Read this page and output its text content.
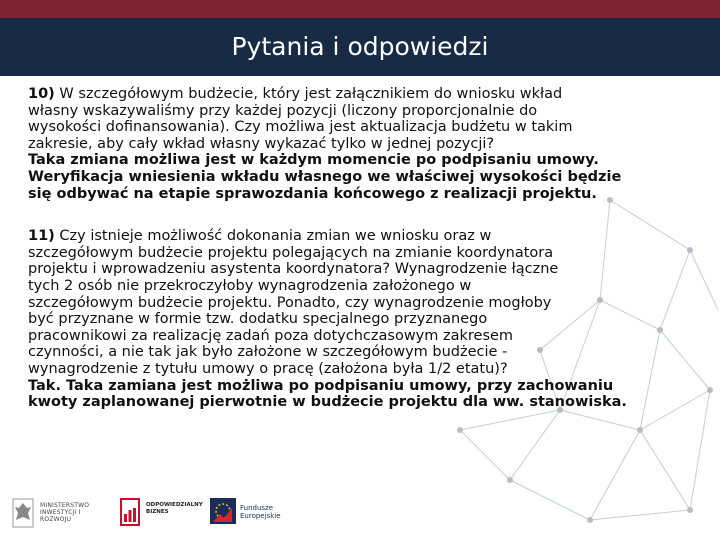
Pytania i odpowiedzi

10) W szczegółowym budżecie, który jest załącznikiem do wniosku wkład
własny wskazywaliśmy przy każdej pozycji (liczony proporcjonalnie do
wysokości dofinansowania). Czy możliwa jest aktualizacja budżetu w takim
zakresie, aby cały wkład własny wykazać tylko w jednej pozycji?

Taka zmiana możliwa jest w każdym momencie po podpisaniu umowy.
Weryfikacja wniesienia wkładu własnego we właściwej wysokości będzie
się odbywać na etapie sprawozdania końcowego z realizacji projektu.

11) Czy istnieje możliwość dokonania zmian we wniosku oraz w
szczegółowym budżecie projektu polegających na zmianie koordynatora
projektu i wprowadzeniu asystenta koordynatora? Wynagrodzenie łączne
tych 2 osób nie przekroczyłoby wynagrodzenia założonego w
szczegółowym budżecie projektu. Ponadto, czy wynagrodzenie mogłoby
być przyznane w formie tzw. dodatku specjalnego przyznanego
pracownikowi za realizację zadań poza dotychczasowym zakresem
czynności, a nie tak jak było założone w szczegółowym budżecie -
wynagrodzenie z tytułu umowy o pracę (założona była 1/2 etatu)?

Tak. Taka zamiana jest możliwa po podpisaniu umowy, przy zachowaniu
kwoty zaplanowanej pierwotnie w budżecie projektu dla ww. stanowiska.

MINISTERSTWO INWESTYCJI I ROZWOJU
ODPOWIEDZIALNY BIZNES	Fundusze Europejskie
